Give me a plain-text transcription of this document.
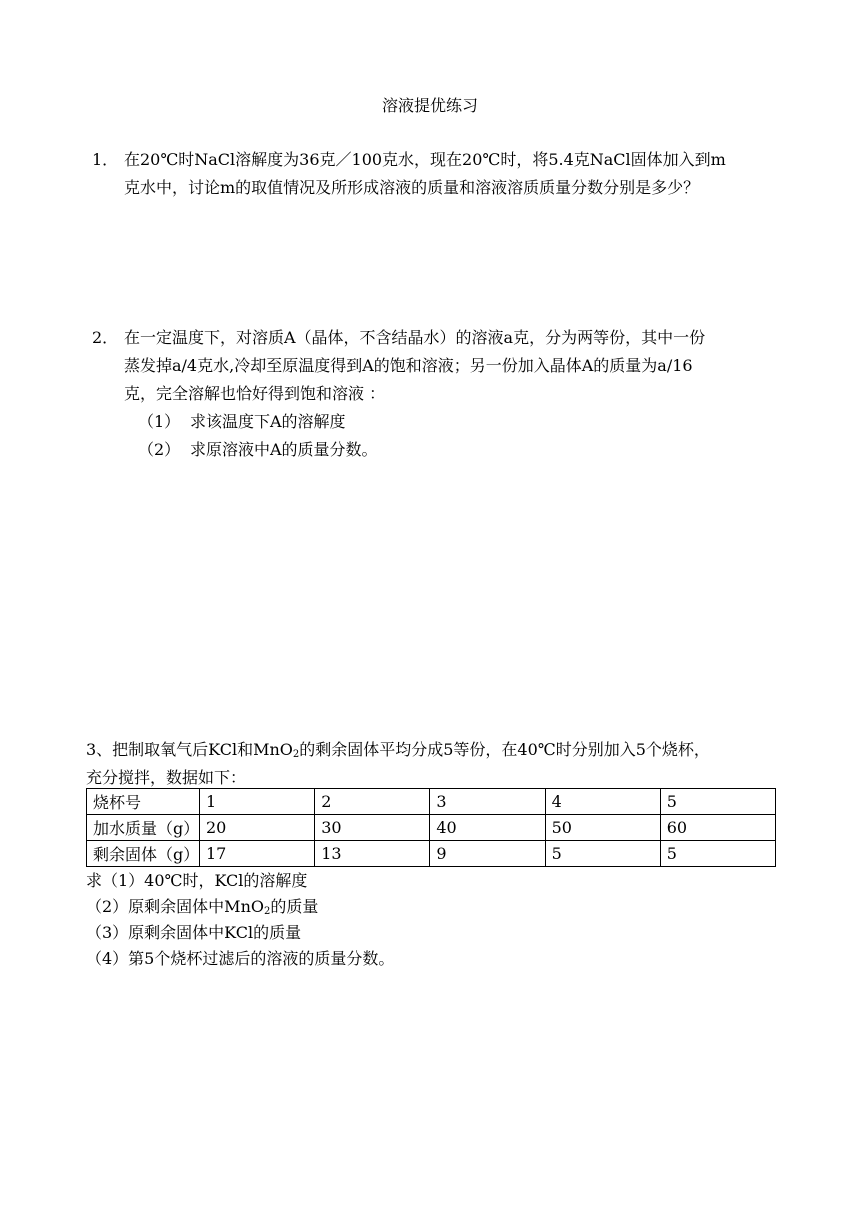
溶液提优练习
1． 在20℃时NaCl溶解度为36克／100克水，现在20℃时，将5.4克NaCl固体加入到m
克水中，讨论m的取值情况及所形成溶液的质量和溶液溶质质量分数分别是多少？
2． 在一定温度下，对溶质A（晶体，不含结晶水）的溶液a克，分为两等份，其中一份
蒸发掉a/4克水,冷却至原温度得到A的饱和溶液；另一份加入晶体A的质量为a/16
克，完全溶解也恰好得到饱和溶液 ：
（1） 求该温度下A的溶解度
（2） 求原溶液中A的质量分数。
3、把制取氧气后KCl和MnO$_2$的剩余固体平均分成5等份，在40℃时分别加入5个烧杯，
充分搅拌，数据如下：
烧杯号	1	2	3	4	5
加水质量（g）	20	30	40	50	60
剩余固体（g）	17	13	9	5	5
求（1）40℃时，KCl的溶解度
（2）原剩余固体中MnO$_2$的质量
（3）原剩余固体中KCl的质量
（4）第5个烧杯过滤后的溶液的质量分数。
